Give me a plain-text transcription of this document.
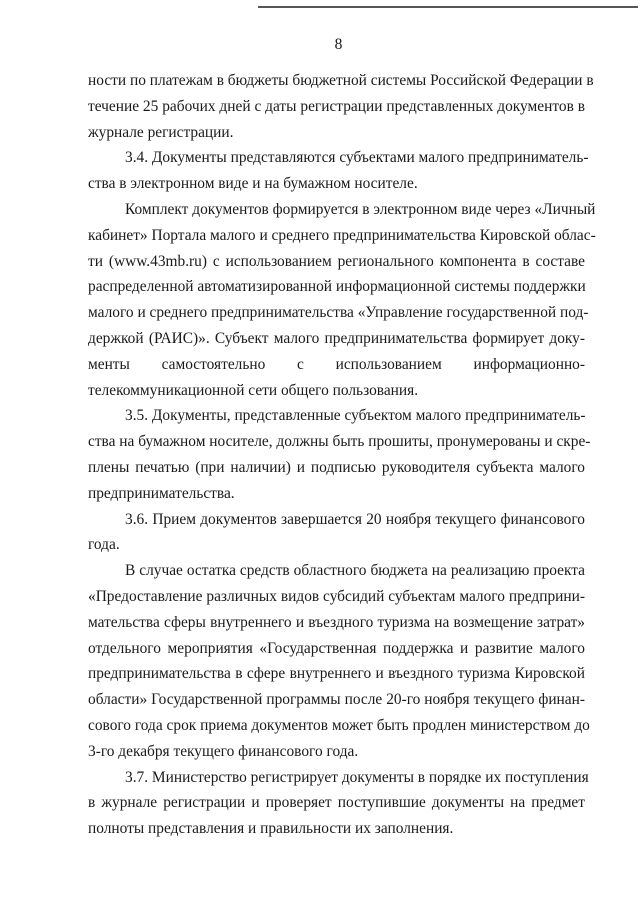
8
ности по платежам в бюджеты бюджетной системы Российской Федерации в
течение 25 рабочих дней с даты регистрации представленных документов в
журнале регистрации.
3.4. Документы представляются субъектами малого предприниматель-
ства в электронном виде и на бумажном носителе.
Комплект документов формируется в электронном виде через «Личный
кабинет» Портала малого и среднего предпринимательства Кировской облас-
ти (www.43mb.ru) с использованием регионального компонента в составе
распределенной автоматизированной информационной системы поддержки
малого и среднего предпринимательства «Управление государственной под-
держкой (РАИС)». Субъект малого предпринимательства формирует доку-
менты самостоятельно с использованием информационно-
телекоммуникационной сети общего пользования.
3.5. Документы, представленные субъектом малого предприниматель-
ства на бумажном носителе, должны быть прошиты, пронумерованы и скре-
плены печатью (при наличии) и подписью руководителя субъекта малого
предпринимательства.
3.6. Прием документов завершается 20 ноября текущего финансового
года.
В случае остатка средств областного бюджета на реализацию проекта
«Предоставление различных видов субсидий субъектам малого предприни-
мательства сферы внутреннего и въездного туризма на возмещение затрат»
отдельного мероприятия «Государственная поддержка и развитие малого
предпринимательства в сфере внутреннего и въездного туризма Кировской
области» Государственной программы после 20-го ноября текущего финан-
сового года срок приема документов может быть продлен министерством до
3-го декабря текущего финансового года.
3.7. Министерство регистрирует документы в порядке их поступления
в журнале регистрации и проверяет поступившие документы на предмет
полноты представления и правильности их заполнения.
